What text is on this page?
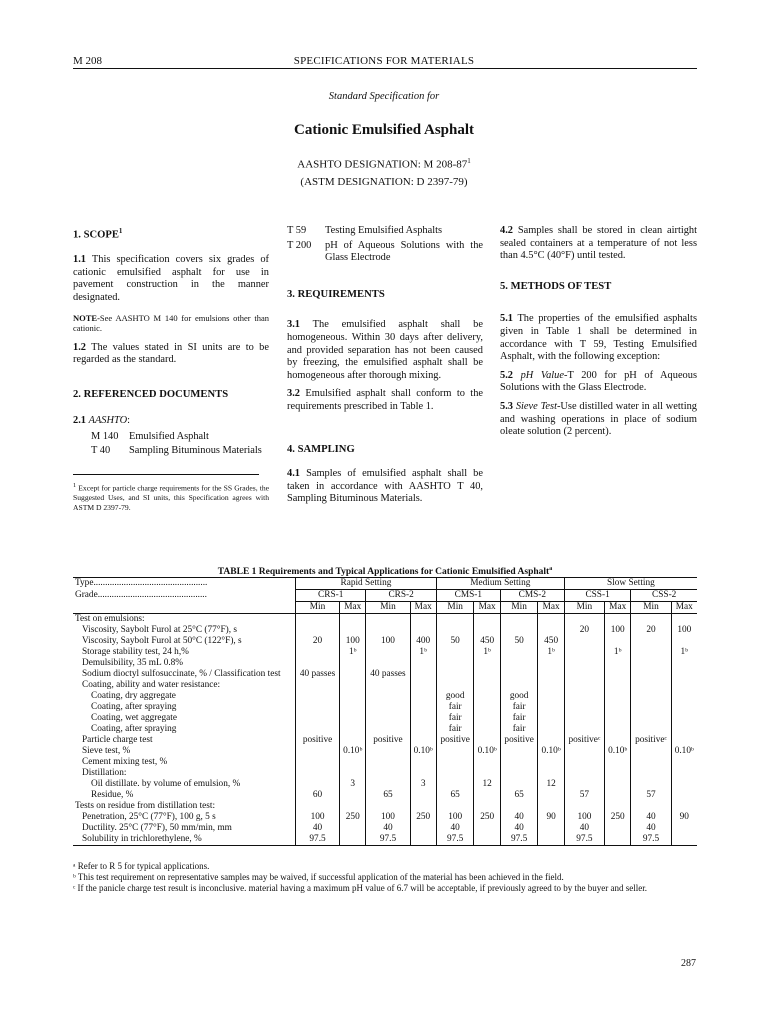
M 208	SPECIFICATIONS FOR MATERIALS
Standard Specification for
Cationic Emulsified Asphalt
AASHTO DESIGNATION: M $208-87^1$
(ASTM DESIGNATION: D 2397-79)
1. SCOPE$^1$

1.1 This specification covers six grades of cationic emulsified asphalt for use in pavement construction in the manner designated.

NOTE-See AASHTO M 140 for emulsions other than cationic.

1.2 The values stated in SI units are to be regarded as the standard.

2. REFERENCED DOCUMENTS

2.1 AASHTO:

M 140	Emulsified Asphalt
T 40	Sampling Bituminous Materials

$^1$ Except for particle charge requirements for the SS Grades, the Suggested Uses, and SI units, this Specification agrees with ASTM D 2397-79.

T 59	Testing Emulsified Asphalts
T 200	pH of Aqueous Solutions with the Glass Electrode
3. REQUIREMENTS

3.1 The emulsified asphalt shall be homogeneous. Within 30 days after delivery, and provided separation has not been caused by freezing, the emulsified asphalt shall be homogeneous after thorough mixing.

3.2 Emulsified asphalt shall conform to the requirements prescribed in Table 1.

4. SAMPLING

4.1 Samples of emulsified asphalt shall be taken in accordance with AASHTO T 40, Sampling Bituminous Materials.

4.2 Samples shall be stored in clean airtight sealed containers at a temperature of not less than 4.5°C (40°F) until tested.

5. METHODS OF TEST

5.1 The properties of the emulsified asphalts given in Table 1 shall be determined in accordance with T 59, Testing Emulsified Asphalt, with the following exception:

5.2 pH Value-T 200 for pH of Aqueous Solutions with the Glass Electrode.

5.3 Sieve Test-Use distilled water in all wetting and washing operations in place of sodium oleate solution (2 percent).

TABLE 1 Requirements and Typical Applications for Cationic Emulsified Asphalt$^a$
Type.................................................	Rapid Setting				Medium Setting				Slow Setting			
Grade...............................................	CRS-1		CRS-2		CMS-1		CMS-2		CSS-1		CSS-2	
	Min	Max	Min	Max	Min	Max	Min	Max	Min	Max	Min	Max
Test on emulsions:												
Viscosity, Saybolt Furol at 25°C (77°F), s									20	100	20	100
Viscosity, Saybolt Furol at 50°C (122°F), s	20	100	100	400	50	450	50	450				
Storage stability test, 24 h,%		1ᵇ		1ᵇ		1ᵇ		1ᵇ		1ᵇ		1ᵇ
Demulsibility, 35 mL 0.8%												
Sodium dioctyl sulfosuccinate, % / Classification test	40 passes		40 passes									
Coating, ability and water resistance:												
Coating, dry aggregate					good		good					
Coating, after spraying					fair		fair					
Coating, wet aggregate					fair		fair					
Coating, after spraying					fair		fair					
Particle charge test	positive		positive		positive		positive		positiveᶜ		positiveᶜ	
Sieve test, %		0.10ᵇ		0.10ᵇ		0.10ᵇ		0.10ᵇ		0.10ᵇ		0.10ᵇ
Cement mixing test, %												
Distillation:												
Oil distillate. by volume of emulsion, %		3		3		12		12				
Residue, %	60		65		65		65		57		57	
Tests on residue from distillation test:												
Penetration, 25°C (77°F), 100 g, 5 s	100	250	100	250	100	250	40	90	100	250	40	90
Ductility. 25°C (77°F), 50 mm/min, mm	40		40		40		40		40		40	
Solubility in trichlorethylene, %	97.5		97.5		97.5		97.5		97.5		97.5	
ᵃ Refer to R 5 for typical applications.
ᵇ This test requirement on representative samples may be waived, if successful application of the material has been achieved in the field.
ᶜ If the panicle charge test result is inconclusive. material having a maximum pH value of 6.7 will be acceptable, if previously agreed to by the buyer and seller.
287
